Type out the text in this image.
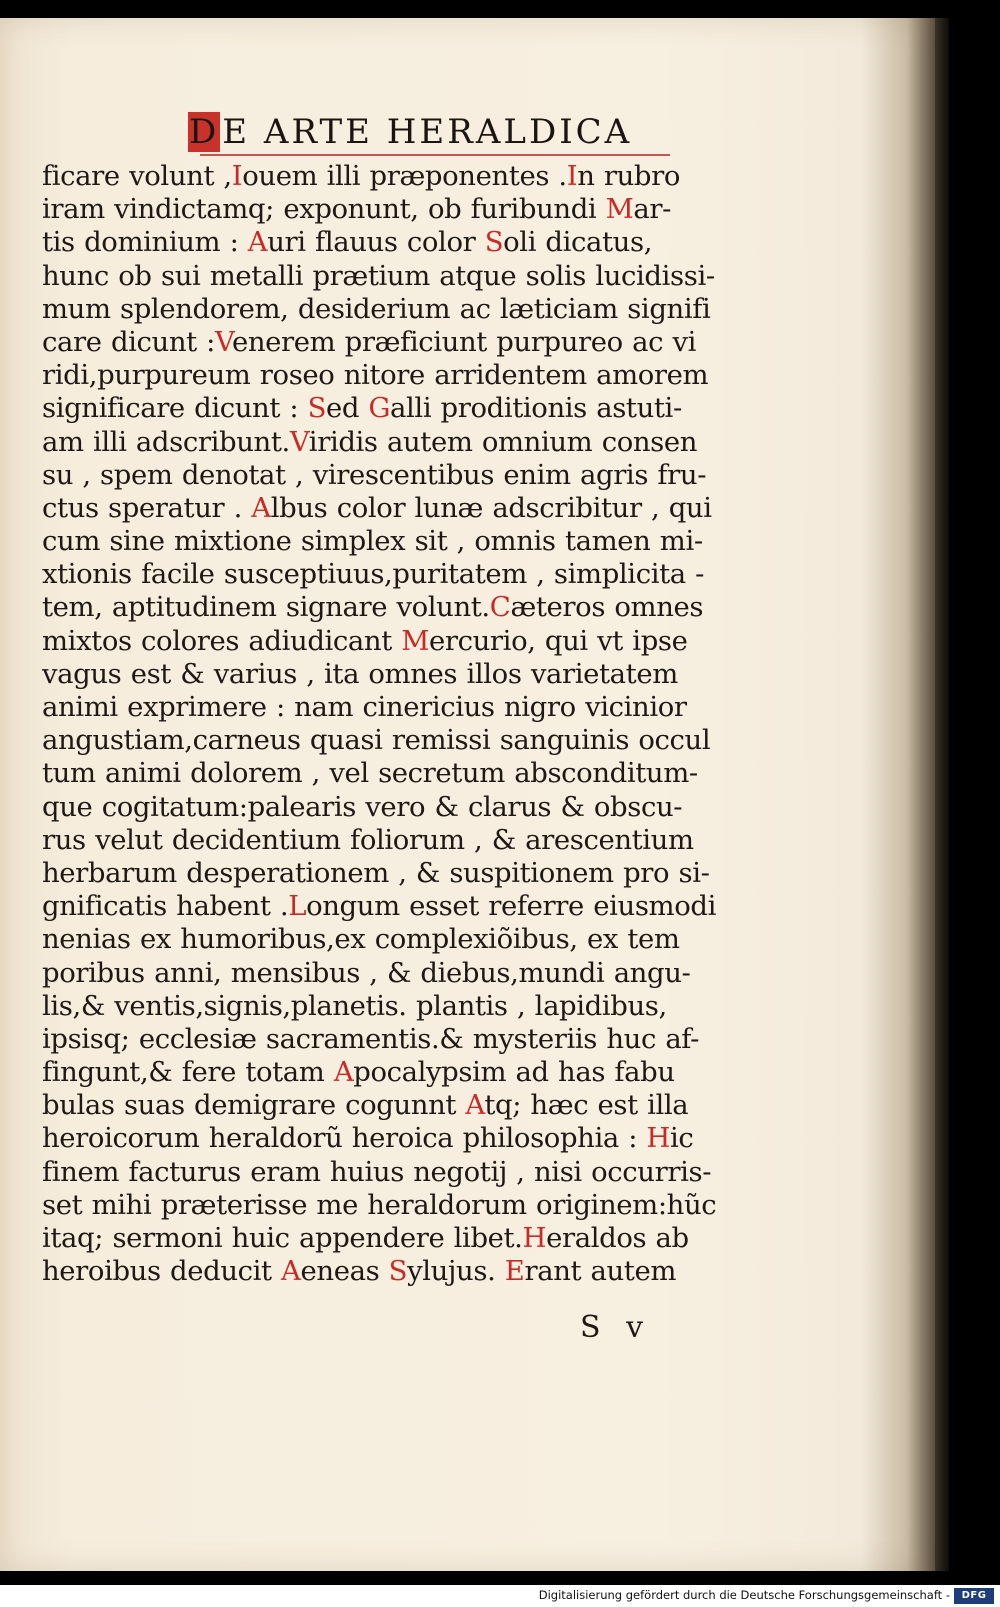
DE ARTE HERALDICA
ficare volunt ,Iouem illi præponentes .In rubro
iram vindictamq; exponunt, ob furibundi Mar-
tis dominium : Auri flauus color Soli dicatus,
hunc ob sui metalli prætium atque solis lucidissi-
mum splendorem, desiderium ac læticiam signifi
care dicunt :Venerem præficiunt purpureo ac vi
ridi,purpureum roseo nitore arridentem amorem
significare dicunt : Sed Galli proditionis astuti-
am illi adscribunt.Viridis autem omnium consen
su , spem denotat , virescentibus enim agris fru-
ctus speratur . Albus color lunæ adscribitur , qui
cum sine mixtione simplex sit , omnis tamen mi-
xtionis facile susceptiuus,puritatem , simplicita -
tem, aptitudinem signare volunt.Cæteros omnes
mixtos colores adiudicant Mercurio, qui vt ipse
vagus est & varius , ita omnes illos varietatem
animi exprimere : nam cinericius nigro vicinior
angustiam,carneus quasi remissi sanguinis occul
tum animi dolorem , vel secretum absconditum-
que cogitatum:palearis vero & clarus & obscu-
rus velut decidentium foliorum , & arescentium
herbarum desperationem , & suspitionem pro si-
gnificatis habent .Longum esset referre eiusmodi
nenias ex humoribus,ex complexiõibus, ex tem
poribus anni, mensibus , & diebus,mundi angu-
lis,& ventis,signis,planetis. plantis , lapidibus,
ipsisq; ecclesiæ sacramentis.& mysteriis huc af-
fingunt,& fere totam Apocalypsim ad has fabu
bulas suas demigrare cogunnt Atq; hæc est illa
heroicorum heraldorũ heroica philosophia : Hic
finem facturus eram huius negotij , nisi occurris-
set mihi præterisse me heraldorum originem:hũc
itaq; sermoni huic appendere libet.Heraldos ab
heroibus deducit Aeneas Sylujus. Erant autem
S v
Digitalisierung gefördert durch die Deutsche Forschungsgemeinschaft -	DFG
